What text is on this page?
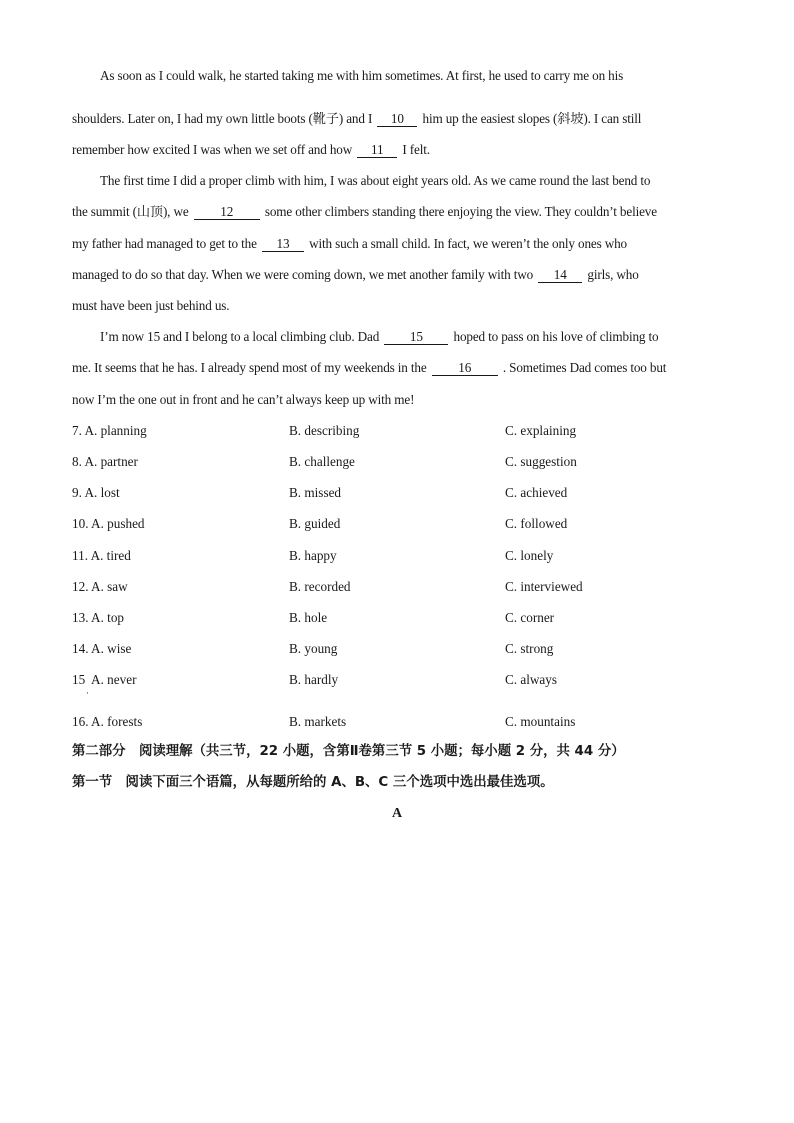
As soon as I could walk, he started taking me with him sometimes. At first, he used to carry me on his
shoulders. Later on, I had my own little boots (靴子) and I 10 him up the easiest slopes (斜坡). I can still
remember how excited I was when we set off and how 11 I felt.
The first time I did a proper climb with him, I was about eight years old. As we came round the last bend to
the summit (山顶), we 12 some other climbers standing there enjoying the view. They couldn’t believe
my father had managed to get to the 13 with such a small child. In fact, we weren’t the only ones who
managed to do so that day. When we were coming down, we met another family with two 14 girls, who
must have been just behind us.
I’m now 15 and I belong to a local climbing club. Dad 15 hoped to pass on his love of climbing to
me. It seems that he has. I already spend most of my weekends in the 16 . Sometimes Dad comes too but
now I’m the one out in front and he can’t always keep up with me!
7. A. planning	B. describing	C. explaining
8. A. partner	B. challenge	C. suggestion
9. A. lost	B. missed	C. achieved
10. A. pushed	B. guided	C. followed
11. A. tired	B. happy	C. lonely
12. A. saw	B. recorded	C. interviewed
13. A. top	B. hole	C. corner
14. A. wise	B. young	C. strong
15  A. never	B. hardly	C. always
·
16. A. forests	B. markets	C. mountains
第二部分　阅读理解（共三节，22 小题，含第Ⅱ卷第三节 5 小题；每小题 2 分，共 44 分）
第一节　阅读下面三个语篇，从每题所给的 A、B、C 三个选项中选出最佳选项。
A
